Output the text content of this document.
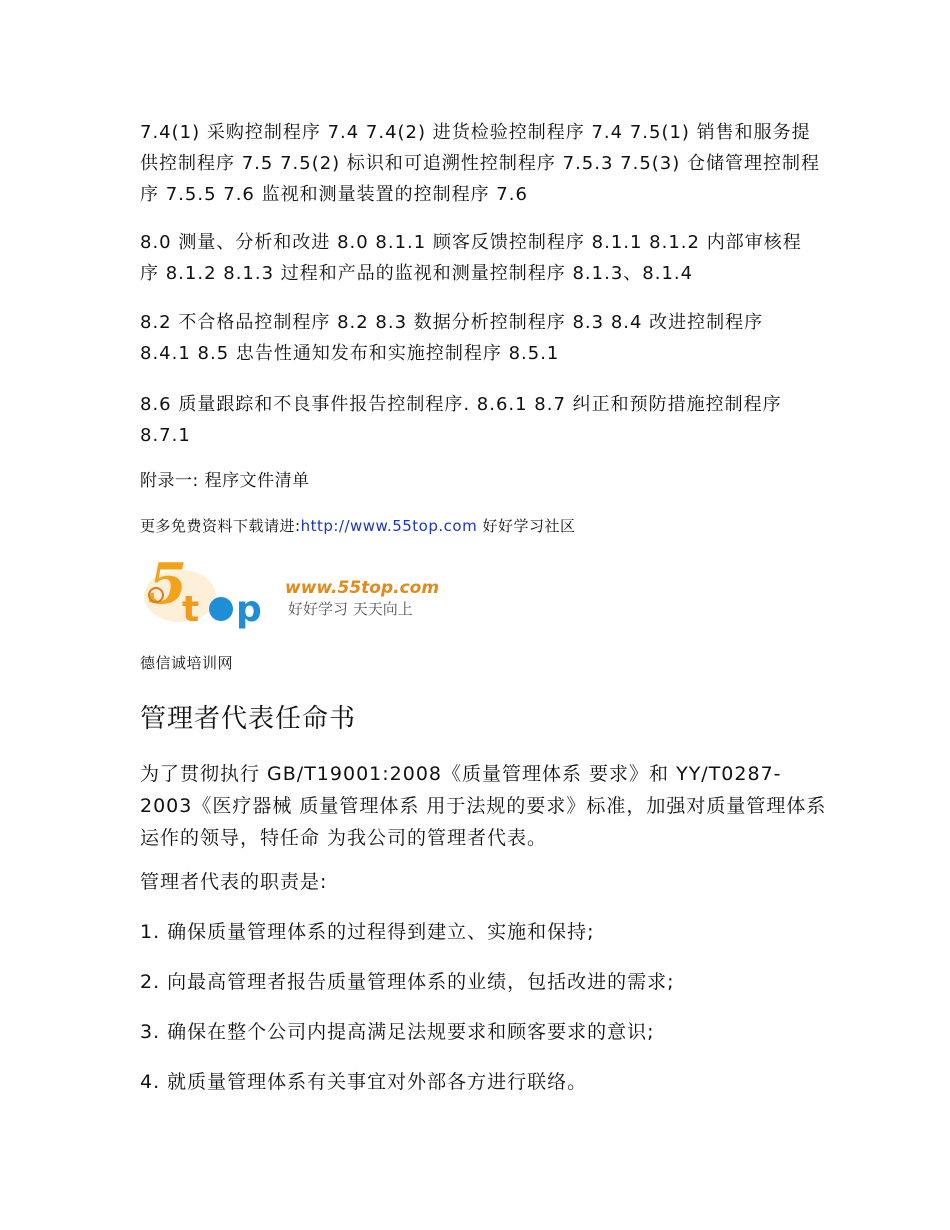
7.4(1) 采购控制程序 7.4 7.4(2) 进货检验控制程序 7.4 7.5(1) 销售和服务提供控制程序 7.5 7.5(2) 标识和可追溯性控制程序 7.5.3 7.5(3) 仓储管理控制程序 7.5.5 7.6 监视和测量装置的控制程序 7.6

8.0 测量、分析和改进 8.0 8.1.1 顾客反馈控制程序 8.1.1 8.1.2 内部审核程序 8.1.2 8.1.3 过程和产品的监视和测量控制程序 8.1.3、8.1.4

8.2 不合格品控制程序 8.2 8.3 数据分析控制程序 8.3 8.4 改进控制程序 8.4.1 8.5 忠告性通知发布和实施控制程序 8.5.1

8.6 质量跟踪和不良事件报告控制程序. 8.6.1 8.7 纠正和预防措施控制程序 8.7.1

附录一: 程序文件清单
更多免费资料下载请进:http://www.55top.com 好好学习社区
5
t p
www.55top.com
好好学习 天天向上
德信诚培训网
管理者代表任命书

为了贯彻执行 GB/T19001:2008《质量管理体系 要求》和 YY/T0287-2003《医疗器械 质量管理体系 用于法规的要求》标准，加强对质量管理体系运作的领导，特任命 为我公司的管理者代表。

管理者代表的职责是:
1. 确保质量管理体系的过程得到建立、实施和保持;
2. 向最高管理者报告质量管理体系的业绩，包括改进的需求;
3. 确保在整个公司内提高满足法规要求和顾客要求的意识;
4. 就质量管理体系有关事宜对外部各方进行联络。
